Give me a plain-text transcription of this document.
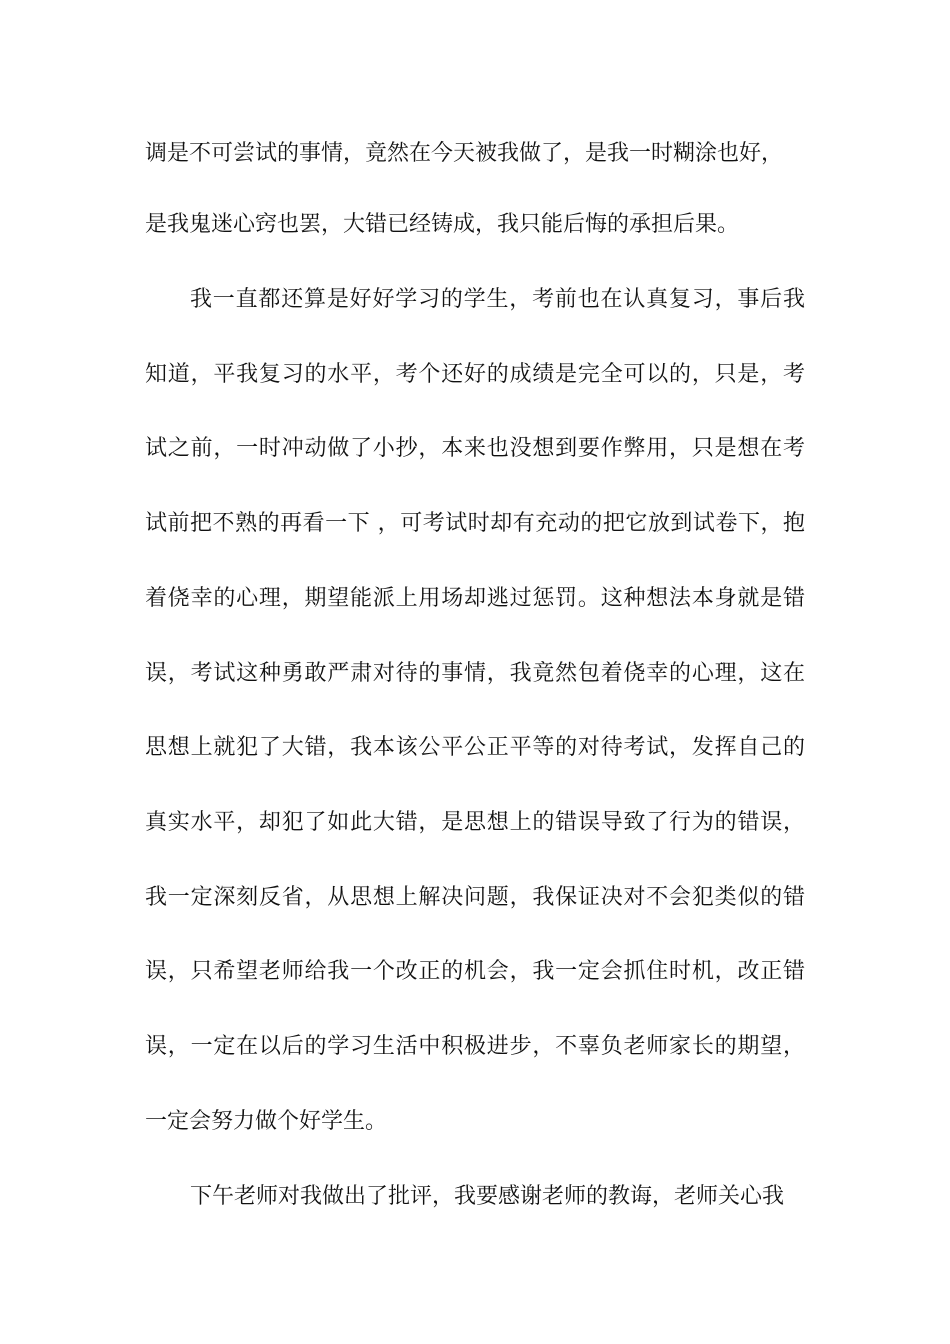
调是不可尝试的事情，竟然在今天被我做了，是我一时糊涂也好，
是我鬼迷心窍也罢，大错已经铸成，我只能后悔的承担后果。
我一直都还算是好好学习的学生，考前也在认真复习，事后我
知道，平我复习的水平，考个还好的成绩是完全可以的，只是，考
试之前，一时冲动做了小抄，本来也没想到要作弊用，只是想在考
试前把不熟的再看一下 ，可考试时却有充动的把它放到试卷下，抱
着侥幸的心理，期望能派上用场却逃过惩罚。这种想法本身就是错
误，考试这种勇敢严肃对待的事情，我竟然包着侥幸的心理，这在
思想上就犯了大错，我本该公平公正平等的对待考试，发挥自己的
真实水平，却犯了如此大错，是思想上的错误导致了行为的错误，
我一定深刻反省，从思想上解决问题，我保证决对不会犯类似的错
误，只希望老师给我一个改正的机会，我一定会抓住时机，改正错
误，一定在以后的学习生活中积极进步，不辜负老师家长的期望，
一定会努力做个好学生。
下午老师对我做出了批评，我要感谢老师的教诲，老师关心我
